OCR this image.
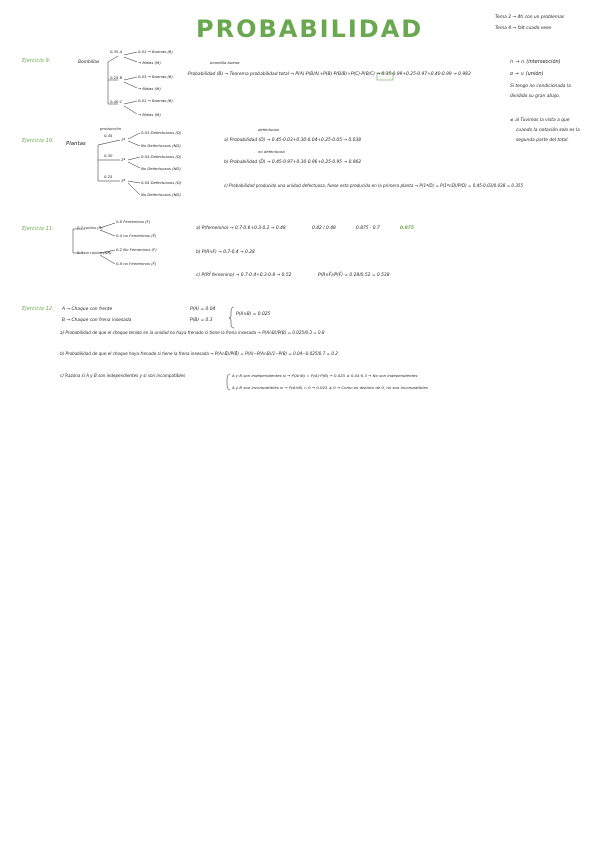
PROBABILIDAD	Tema 2 → 4ti con un problemas
Tema 4 → falt cuado veen
∩ → ∩ (intersección)
o → ∪ (unión)
Si tengo no condicionada la
dividido su gran abajo.
≠ al Tuvimos la vista a que
cuando la notación solo es la
segunda parte del total.
Ejercicio 9:	Bombillas
0.35 A
0.25 B
0.40 C
0.01 → Buenas (B)
→ Malas (M)
0.03 → Buenas (B)
→ Malas (M)
0.01 → Buenas (B)
→ Malas (M)
bombilla buena
Probabilidad (B) → Teorema probabilidad total → P(A)·P(B/A)+P(B)·P(B/B)+P(C)·P(B/C) → 0.35·0.99+0.25·0.97+0.40·0.99 → 0.983
Ejercicio 10: Plantas
producción
0.45
1ª
0.30
2ª
0.25
3ª
0.03 Defectuosos (D)
No Defectuosos (ND)
0.04 Defectuosos (D)
No Defectuosos (ND)
0.05 Defectuosos (D)
No Defectuosos (ND)
defectuoso
a) Probabilidad (D) → 0.45·0.03+0.30·0.04+0.25·0.05 → 0.038
no defectuoso
b) Probabilidad (D̄) → 0.45·0.97+0.30·0.96+0.25·0.95 → 0.962
c) Probabilidad producido una unidad defectuosa, fuese esta producida en la primera planta → P(1ª/D) = P(1ª∩D)/P(D) = 0.45·0.03/0.038 = 0.355
Ejercicio 11:	0.7 rubios (R)
0.3 no rubios (NR)
0.6 Femeninos (F)
0.4 no Femeninos (F̄)
0.2 No Femeninos (F)
0.8 no Femeninos (F̄)
a) P(femenino) → 0.7·0.6+0.3·0.2 → 0.48	0.42 / 0.48	0.875 · 0.7	0.875
b) P(R∩F) → 0.7·0.4 → 0.28
c) P(Rf̄ femenino) → 0.7·0.4+0.3·0.8 → 0.52	P(R∩F̄)/P(F̄) = 0.28/0.52 = 0.538
Ejercicio 12: A → Chaque con frente
B → Chaque con frena insesada
P(A) = 0.04
P(B) = 0.3
P(A∩B) = 0.025
a) Probabilidad de que el choque tenido en la unidad no haya frenado si tiene la frena insesada → P(A∩B)/P(B) = 0.025/0.3 = 0.8
b) Probabilidad de que el choque haya frenado si tiene la frena insesada → P(A∩B̄)/P(B̄) = P(A)−P(A∩B)/1−P(B) = 0.04−0.025/0.7 = 0.2
c) Razona si A y B son independientes y si son incompatibles	A y B son independientes si → P(A∩B) = P(A)·P(B) → 0.025 ≠ 0.04·0.3 → No son independientes
A y B son incompatibles si → P(A∩B) = 0 → 0.025 ≠ 0 → Como es distinto de 0, no son incompatibles
